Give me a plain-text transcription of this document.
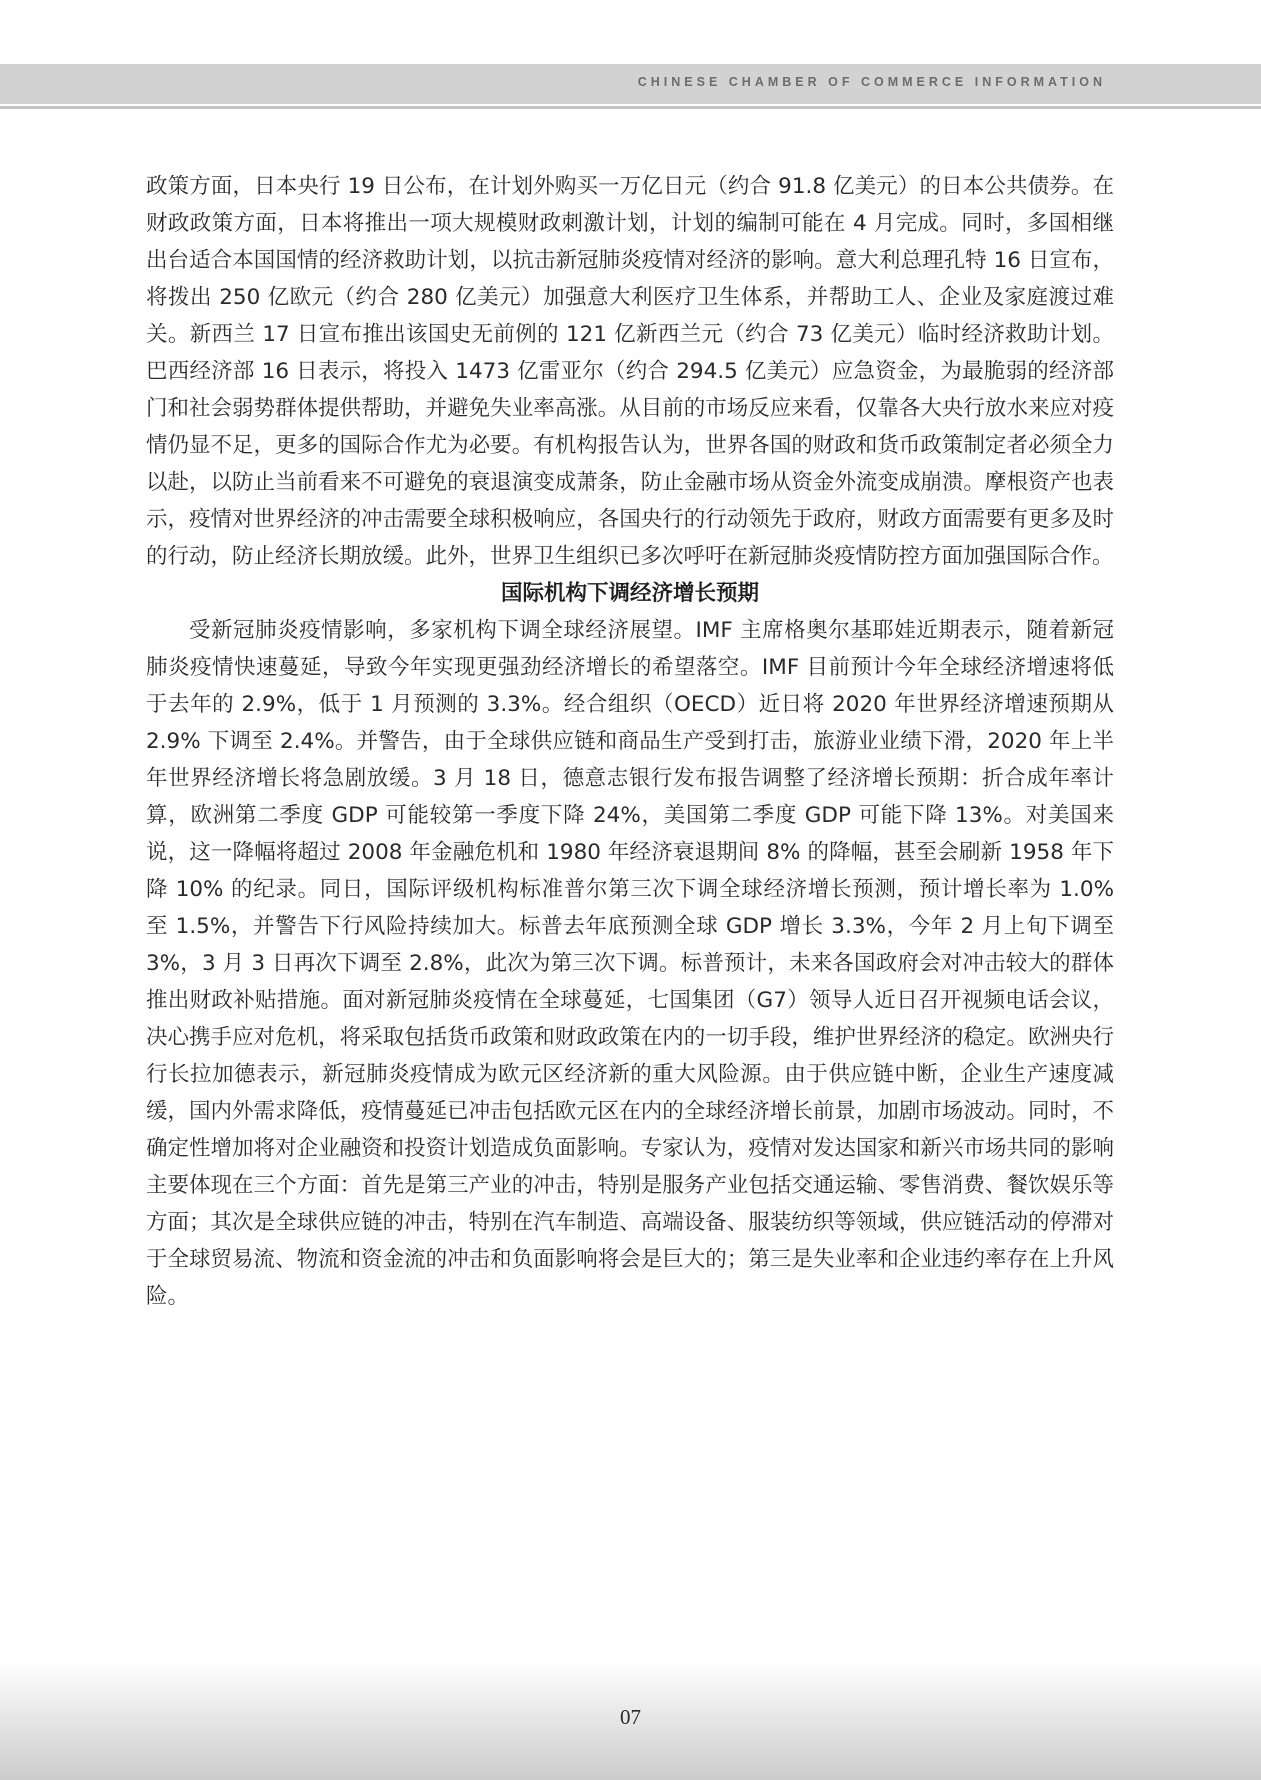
CHINESE CHAMBER OF COMMERCE INFORMATION

政策方面，日本央行 19 日公布，在计划外购买一万亿日元（约合 91.8 亿美元）的日本公共债券。在财政政策方面，日本将推出一项大规模财政刺激计划，计划的编制可能在 4 月完成。同时，多国相继出台适合本国国情的经济救助计划，以抗击新冠肺炎疫情对经济的影响。意大利总理孔特 16 日宣布，将拨出 250 亿欧元（约合 280 亿美元）加强意大利医疗卫生体系，并帮助工人、企业及家庭渡过难关。新西兰 17 日宣布推出该国史无前例的 121 亿新西兰元（约合 73 亿美元）临时经济救助计划。巴西经济部 16 日表示，将投入 1473 亿雷亚尔（约合 294.5 亿美元）应急资金，为最脆弱的经济部门和社会弱势群体提供帮助，并避免失业率高涨。从目前的市场反应来看，仅靠各大央行放水来应对疫情仍显不足，更多的国际合作尤为必要。有机构报告认为，世界各国的财政和货币政策制定者必须全力以赴，以防止当前看来不可避免的衰退演变成萧条，防止金融市场从资金外流变成崩溃。摩根资产也表示，疫情对世界经济的冲击需要全球积极响应，各国央行的行动领先于政府，财政方面需要有更多及时的行动，防止经济长期放缓。此外，世界卫生组织已多次呼吁在新冠肺炎疫情防控方面加强国际合作。

国际机构下调经济增长预期

受新冠肺炎疫情影响，多家机构下调全球经济展望。IMF 主席格奥尔基耶娃近期表示，随着新冠肺炎疫情快速蔓延，导致今年实现更强劲经济增长的希望落空。IMF 目前预计今年全球经济增速将低于去年的 2.9%，低于 1 月预测的 3.3%。经合组织（OECD）近日将 2020 年世界经济增速预期从 2.9% 下调至 2.4%。并警告，由于全球供应链和商品生产受到打击，旅游业业绩下滑，2020 年上半年世界经济增长将急剧放缓。3 月 18 日，德意志银行发布报告调整了经济增长预期：折合成年率计算，欧洲第二季度 GDP 可能较第一季度下降 24%，美国第二季度 GDP 可能下降 13%。对美国来说，这一降幅将超过 2008 年金融危机和 1980 年经济衰退期间 8% 的降幅，甚至会刷新 1958 年下降 10% 的纪录。同日，国际评级机构标准普尔第三次下调全球经济增长预测，预计增长率为 1.0% 至 1.5%，并警告下行风险持续加大。标普去年底预测全球 GDP 增长 3.3%，今年 2 月上旬下调至 3%，3 月 3 日再次下调至 2.8%，此次为第三次下调。标普预计，未来各国政府会对冲击较大的群体推出财政补贴措施。面对新冠肺炎疫情在全球蔓延，七国集团（G7）领导人近日召开视频电话会议，决心携手应对危机，将采取包括货币政策和财政政策在内的一切手段，维护世界经济的稳定。欧洲央行行长拉加德表示，新冠肺炎疫情成为欧元区经济新的重大风险源。由于供应链中断，企业生产速度减缓，国内外需求降低，疫情蔓延已冲击包括欧元区在内的全球经济增长前景，加剧市场波动。同时，不确定性增加将对企业融资和投资计划造成负面影响。专家认为，疫情对发达国家和新兴市场共同的影响主要体现在三个方面：首先是第三产业的冲击，特别是服务产业包括交通运输、零售消费、餐饮娱乐等方面；其次是全球供应链的冲击，特别在汽车制造、高端设备、服装纺织等领域，供应链活动的停滞对于全球贸易流、物流和资金流的冲击和负面影响将会是巨大的；第三是失业率和企业违约率存在上升风险。

07
